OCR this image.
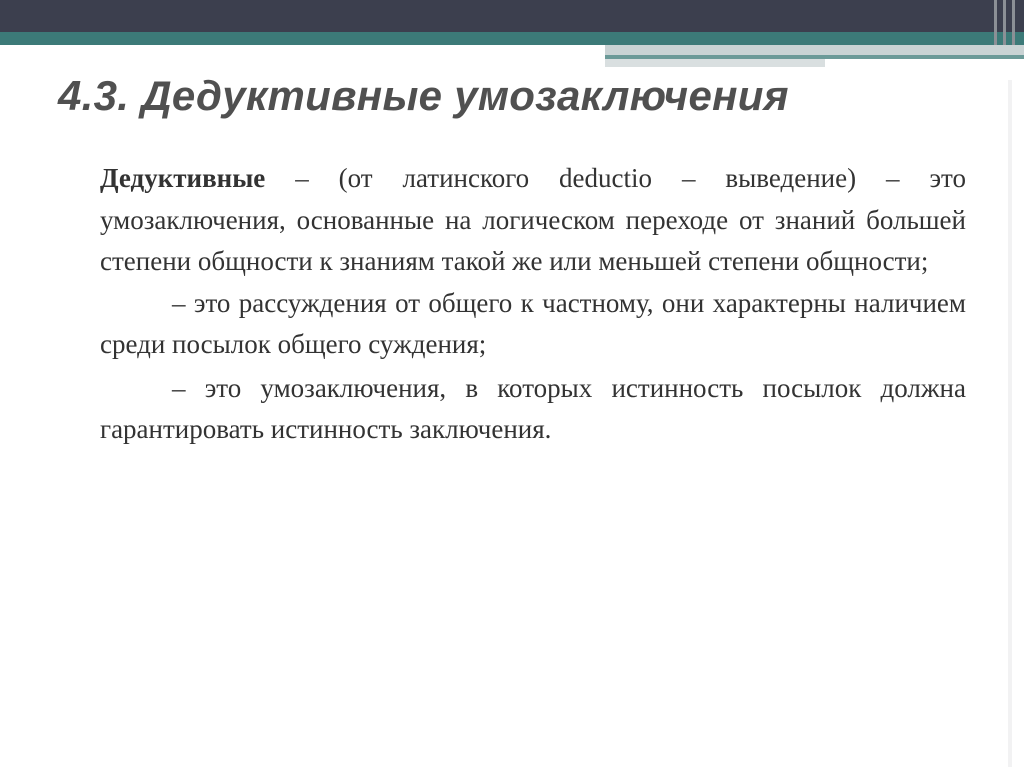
4.3. Дедуктивные умозаключения

Дедуктивные – (от латинского deductio – выведение) – это умозаключения, основанные на логическом переходе от знаний большей степени общности к знаниям такой же или меньшей степени общности;

– это рассуждения от общего к частному, они характерны наличием среди посылок общего суждения;

– это умозаключения, в которых истинность посылок должна гарантировать истинность заключения.
